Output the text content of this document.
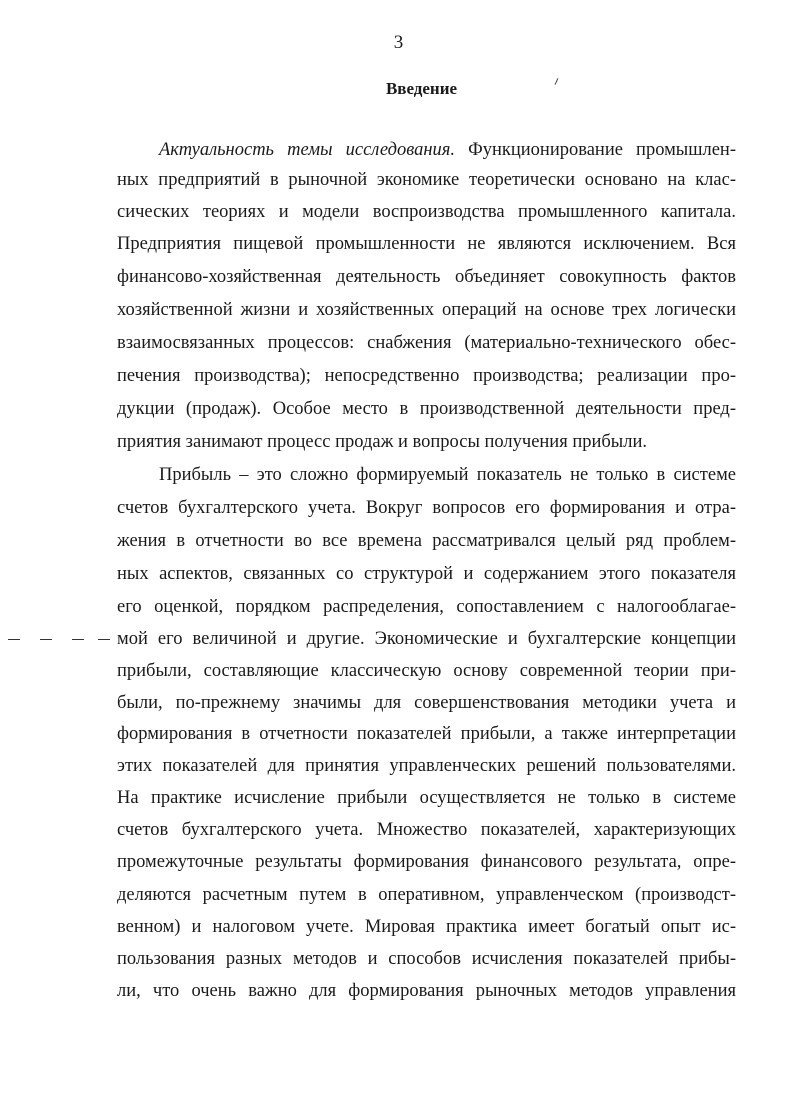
3
Введение
Актуальность темы исследования. Функционирование промышлен-
ных предприятий в рыночной экономике теоретически основано на клас-
сических теориях и модели воспроизводства промышленного капитала.
Предприятия пищевой промышленности не являются исключением. Вся
финансово-хозяйственная деятельность объединяет совокупность фактов
хозяйственной жизни и хозяйственных операций на основе трех логически
взаимосвязанных процессов: снабжения (материально-технического обес-
печения производства); непосредственно производства; реализации про-
дукции (продаж). Особое место в производственной деятельности пред-
приятия занимают процесс продаж и вопросы получения прибыли.
Прибыль – это сложно формируемый показатель не только в системе
счетов бухгалтерского учета. Вокруг вопросов его формирования и отра-
жения в отчетности во все времена рассматривался целый ряд проблем-
ных аспектов, связанных со структурой и содержанием этого показателя
его оценкой, порядком распределения, сопоставлением с налогооблагае-
мой его величиной и другие. Экономические и бухгалтерские концепции
прибыли, составляющие классическую основу современной теории при-
были, по-прежнему значимы для совершенствования методики учета и
формирования в отчетности показателей прибыли, а также интерпретации
этих показателей для принятия управленческих решений пользователями.
На практике исчисление прибыли осуществляется не только в системе
счетов бухгалтерского учета. Множество показателей, характеризующих
промежуточные результаты формирования финансового результата, опре-
деляются расчетным путем в оперативном, управленческом (производст-
венном) и налоговом учете. Мировая практика имеет богатый опыт ис-
пользования разных методов и способов исчисления показателей прибы-
ли, что очень важно для формирования рыночных методов управления
